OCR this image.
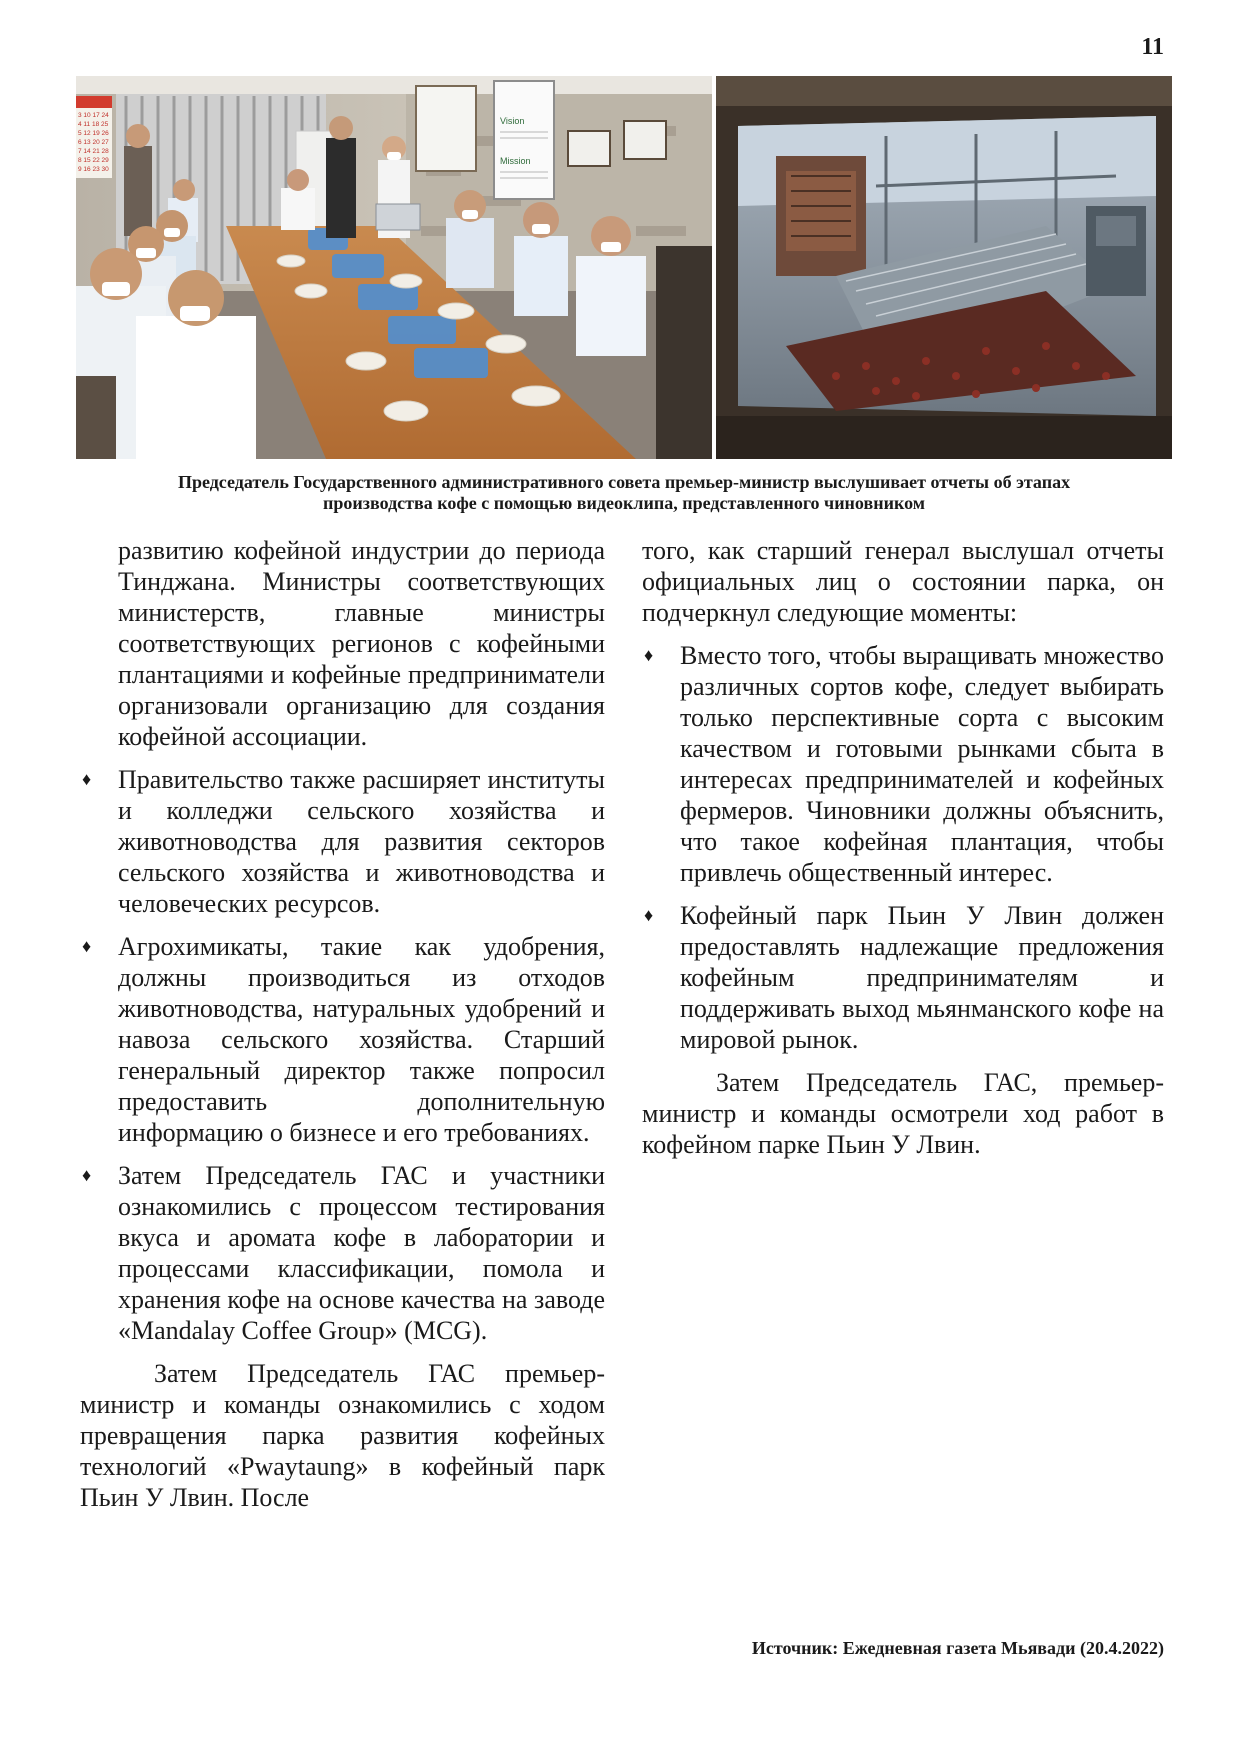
11
3 10 17 24
4 11 18 25
5 12 19 26
6 13 20 27
7 14 21 28
8 15 22 29
9 16 23 30
Vision
Mission
Председатель Государственного административного совета премьер-министр выслушивает отчеты об этапах
производства кофе с помощью видеоклипа, представленного чиновником

развитию кофейной индустрии до периода Тинджана. Министры соответствующих министерств, главные министры соответствующих регионов с кофейными плантациями и кофейные предприниматели организовали организацию для создания кофейной ассоциации.

♦ Правительство также расширяет институты и колледжи сельского хозяйства и животноводства для развития секторов сельского хозяйства и животноводства и человеческих ресурсов.
♦ Агрохимикаты, такие как удобрения, должны производиться из отходов животноводства, натуральных удобрений и навоза сельского хозяйства. Старший генеральный директор также попросил предоставить дополнительную информацию о бизнесе и его требованиях.
♦ Затем Председатель ГАС и участники ознакомились с процессом тестирования вкуса и аромата кофе в лаборатории и процессами классификации, помола и хранения кофе на основе качества на заводе «Mandalay Coffee Group» (MCG).

Затем Председатель ГАС премьер-министр и команды ознакомились с ходом превращения парка развития кофейных технологий «Pwaytaung» в кофейный парк Пьин У Лвин. После

того, как старший генерал выслушал отчеты официальных лиц о состоянии парка, он подчеркнул следующие моменты:

♦ Вместо того, чтобы выращивать множество различных сортов кофе, следует выбирать только перспективные сорта с высоким качеством и готовыми рынками сбыта в интересах предпринимателей и кофейных фермеров. Чиновники должны объяснить, что такое кофейная плантация, чтобы привлечь общественный интерес.
♦ Кофейный парк Пьин У Лвин должен предоставлять надлежащие предложения кофейным предпринимателям и поддерживать выход мьянманского кофе на мировой рынок.

Затем Председатель ГАС, премьер-министр и команды осмотрели ход работ в кофейном парке Пьин У Лвин.

Источник: Ежедневная газета Мьявади (20.4.2022)
